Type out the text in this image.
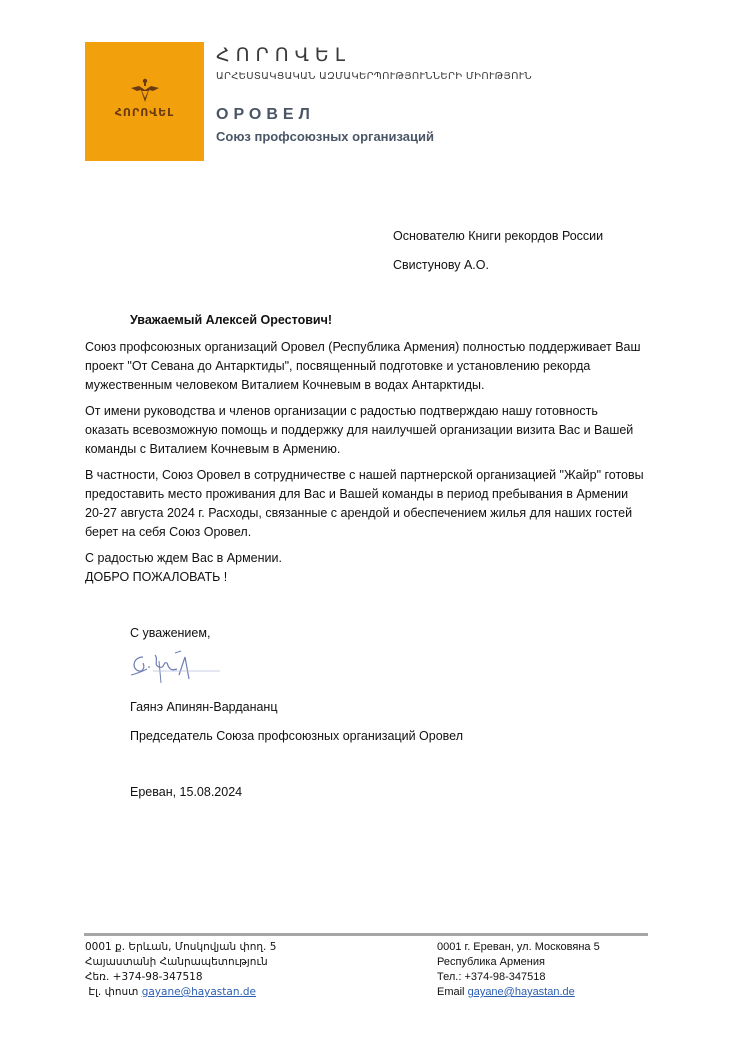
ՀՈՐՈՎԵԼ
ՀՈՐՈՎԵԼ
ԱՐՀԵՍՏԱԿՑԱԿԱՆ ԱԶՄԱԿԵՐՊՈՒԹՅՈՒՆՆԵՐԻ ՄԻՈՒԹՅՈՒՆ
ОРОВЕЛ
Союз профсоюзных организаций
Основателю Книги рекордов России
Свистунову А.О.
Уважаемый Алексей Орестович!
Союз профсоюзных организаций Оровел (Республика Армения) полностью поддерживает Ваш проект "От Севана до Антарктиды", посвященный подготовке и установлению рекорда мужественным человеком Виталием Кочневым в водах Антарктиды.
От имени руководства и членов организации с радостью подтверждаю нашу готовность оказать всевозможную помощь и поддержку для наилучшей организации визита Вас и Вашей команды с Виталием Кочневым в Армению.
В частности, Союз Оровел в сотрудничестве с нашей партнерской организацией "Жайр" готовы предоставить место проживания для Вас и Вашей команды в период пребывания в Армении 20-27 августа 2024 г. Расходы, связанные с арендой и обеспечением жилья для наших гостей берет на себя Союз Оровел.
С радостью ждем Вас в Армении.
ДОБРО ПОЖАЛОВАТЬ !
С уважением,
Гаянэ Апинян-Вардананц
Председатель Союза профсоюзных организаций Оровел
Ереван, 15.08.2024
0001 ք. Երևան, Մոսկովյան փող. 5
Հայաստանի Հանրապետություն
Հեռ. +374-98-347518
Էլ. փոստ gayane@hayastan.de
0001 г. Ереван, ул. Московяна 5
Республика Армения
Тел.: +374-98-347518
Email gayane@hayastan.de
